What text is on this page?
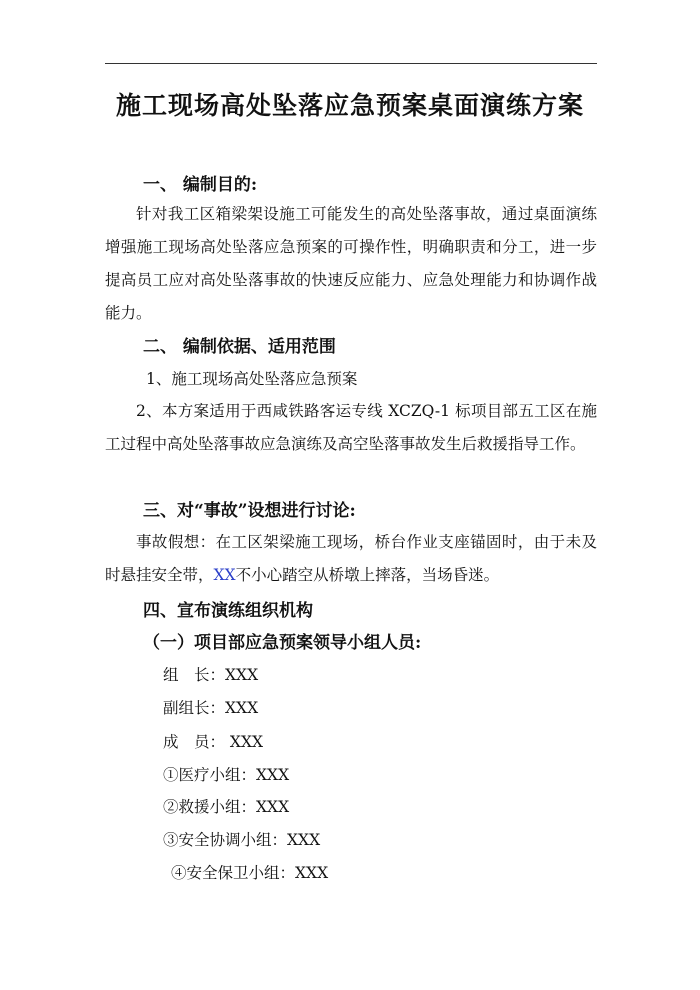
施工现场高处坠落应急预案桌面演练方案
一、 编制目的:
针对我工区箱梁架设施工可能发生的高处坠落事故，通过桌面演练增强施工现场高处坠落应急预案的可操作性，明确职责和分工，进一步提高员工应对高处坠落事故的快速反应能力、应急处理能力和协调作战能力。
二、 编制依据、适用范围
1、施工现场高处坠落应急预案
2、本方案适用于西咸铁路客运专线 XCZQ-1 标项目部五工区在施工过程中高处坠落事故应急演练及高空坠落事故发生后救援指导工作。
三、对“事故”设想进行讨论:
事故假想：在工区架梁施工现场，桥台作业支座锚固时，由于未及时悬挂安全带，XX不小心踏空从桥墩上摔落，当场昏迷。
四、宣布演练组织机构
（一）项目部应急预案领导小组人员:
组　长：XXX
副组长：XXX
成　员： XXX
①医疗小组：XXX
②救援小组：XXX
③安全协调小组：XXX
④安全保卫小组：XXX
